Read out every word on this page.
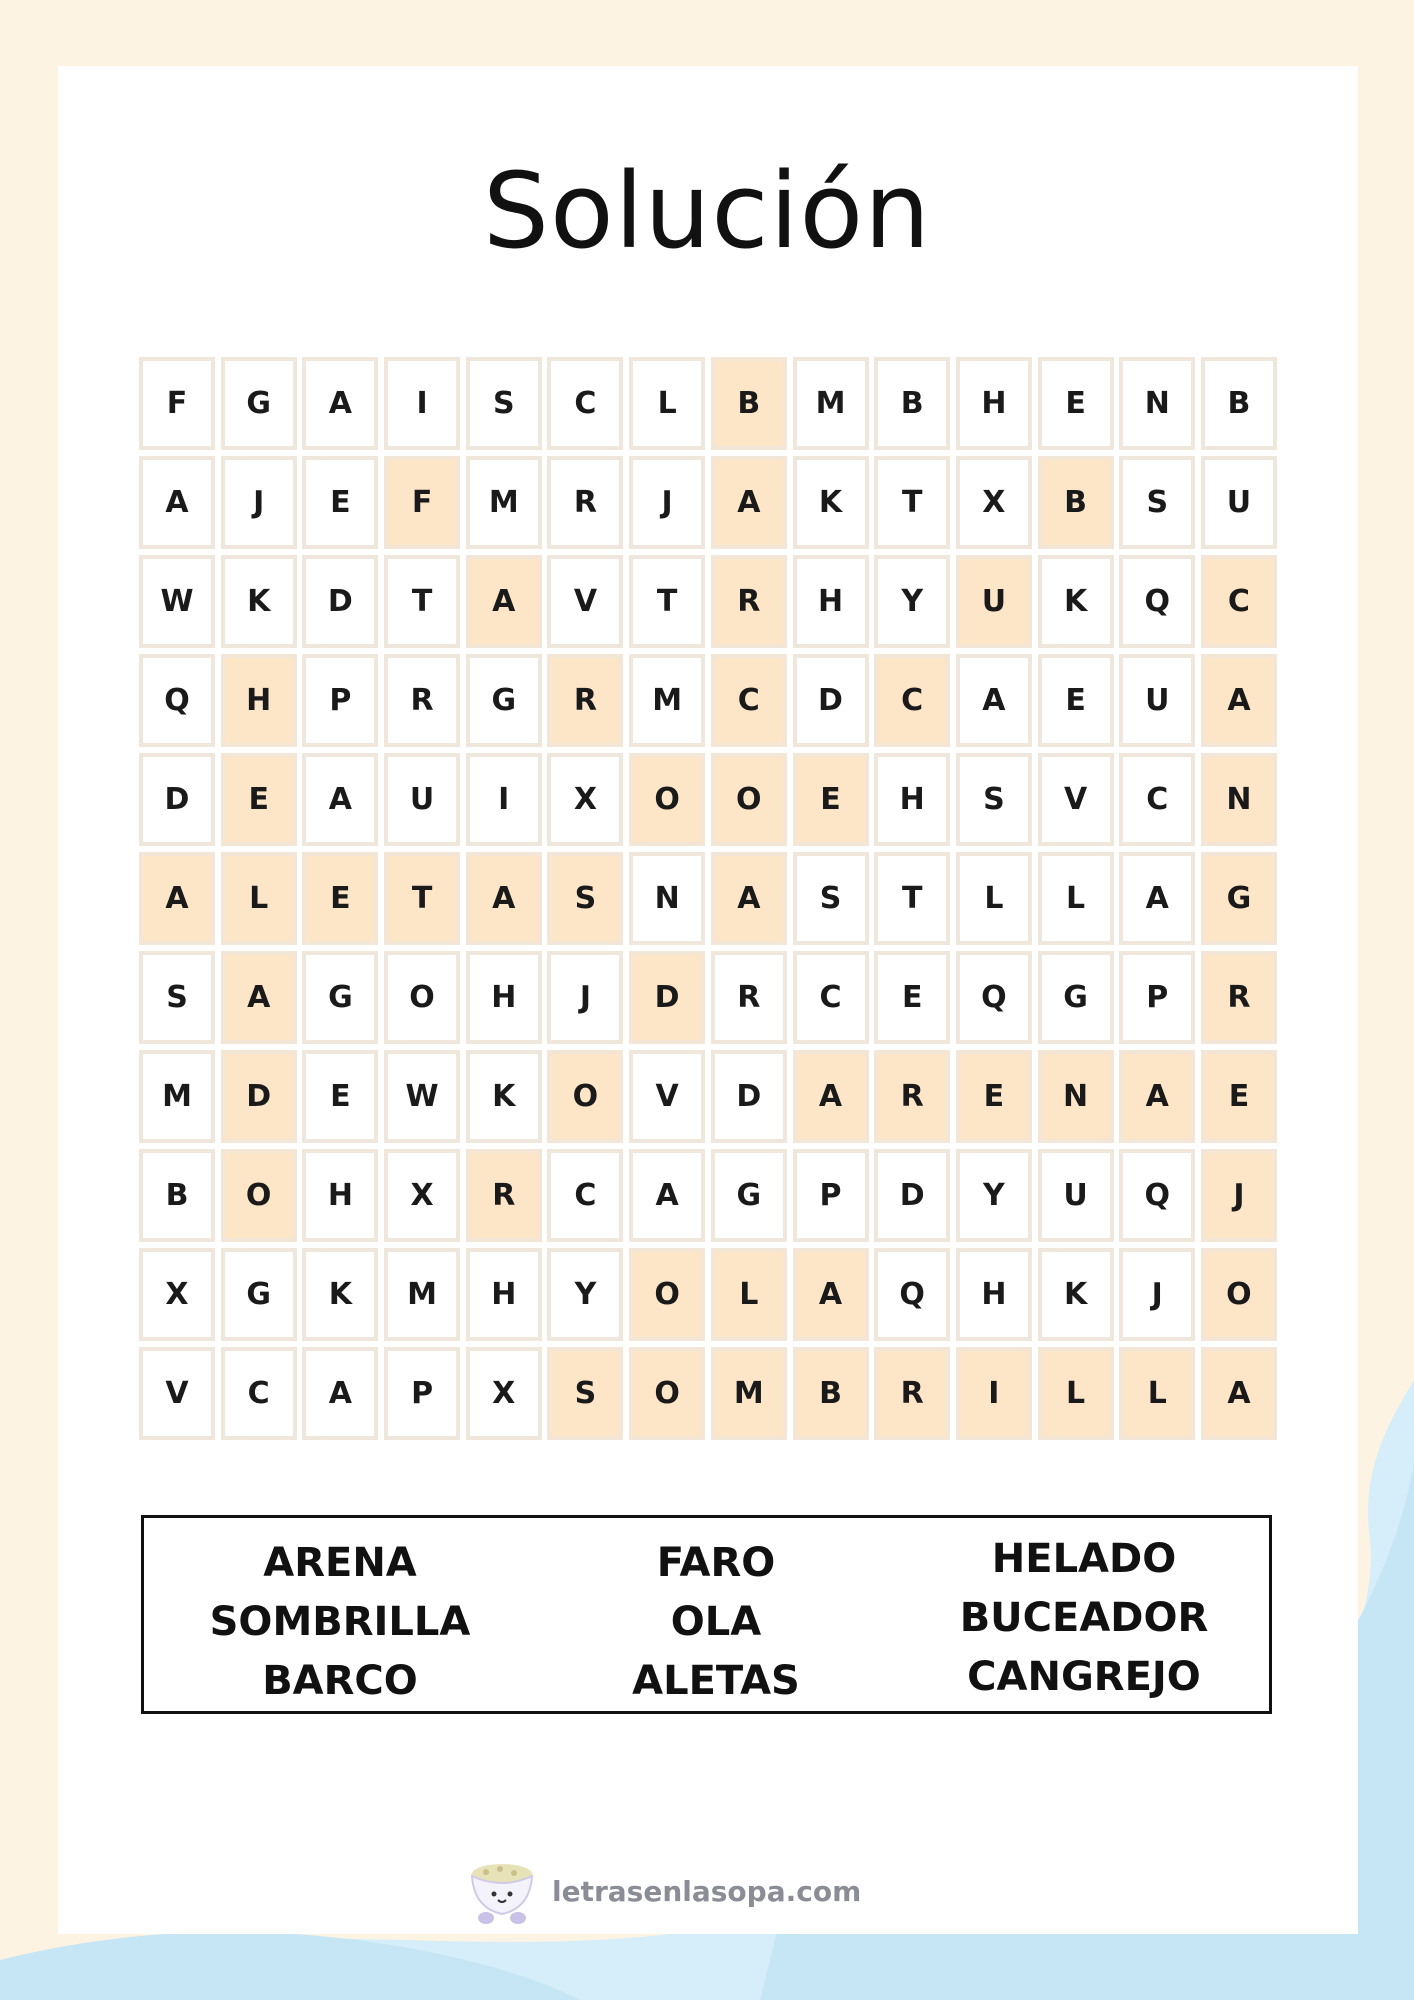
Solución
F	G	A	I	S	C	L	B	M	B	H	E	N	B
A	J	E	F	M	R	J	A	K	T	X	B	S	U
W	K	D	T	A	V	T	R	H	Y	U	K	Q	C
Q	H	P	R	G	R	M	C	D	C	A	E	U	A
D	E	A	U	I	X	O	O	E	H	S	V	C	N
A	L	E	T	A	S	N	A	S	T	L	L	A	G
S	A	G	O	H	J	D	R	C	E	Q	G	P	R
M	D	E	W	K	O	V	D	A	R	E	N	A	E
B	O	H	X	R	C	A	G	P	D	Y	U	Q	J
X	G	K	M	H	Y	O	L	A	Q	H	K	J	O
V	C	A	P	X	S	O	M	B	R	I	L	L	A
ARENA
SOMBRILLA
BARCO
FARO
OLA
ALETAS
HELADO
BUCEADOR
CANGREJO
letrasenlasopa.com
